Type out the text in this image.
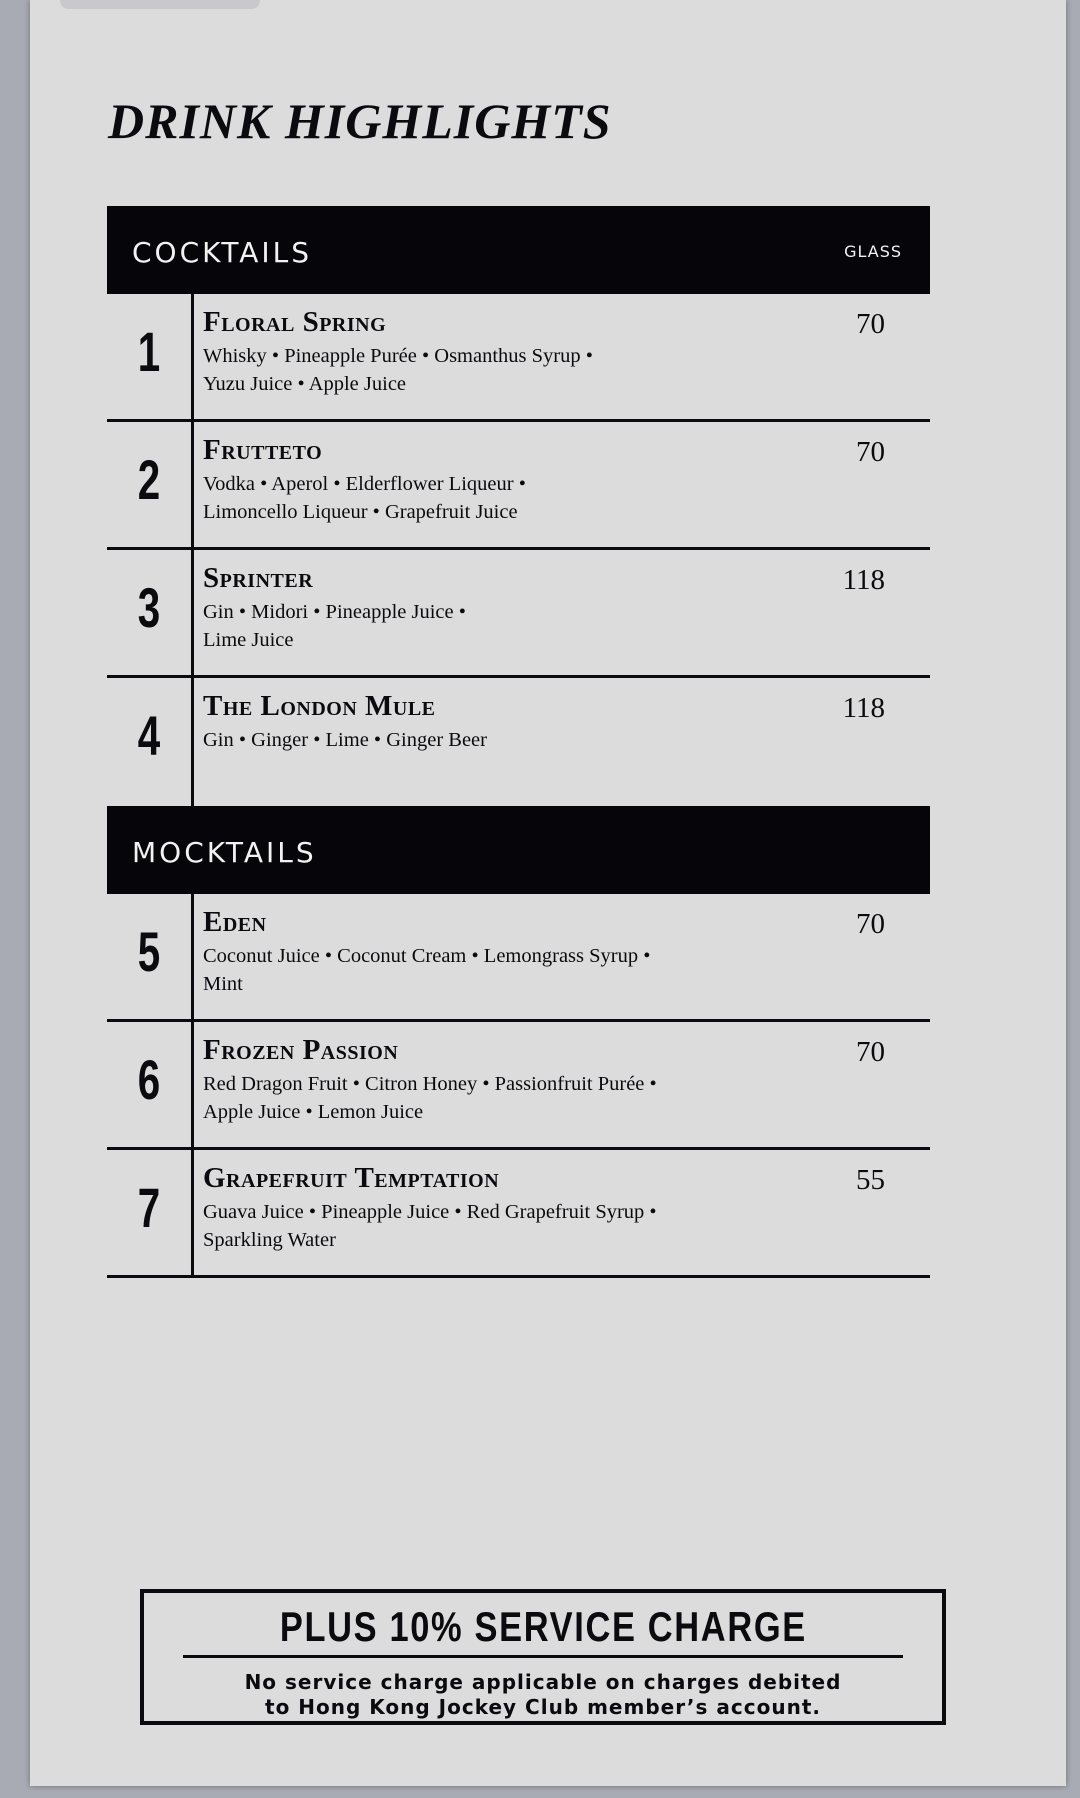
DRINK HIGHLIGHTS
COCKTAILS	GLASS
1	Floral Spring
Whisky • Pineapple Purée • Osmanthus Syrup •
Yuzu Juice • Apple Juice
70
2	Frutteto
Vodka • Aperol • Elderflower Liqueur •
Limoncello Liqueur • Grapefruit Juice
70
3	Sprinter
Gin • Midori • Pineapple Juice •
Lime Juice
118
4	The London Mule
Gin • Ginger • Lime • Ginger Beer
118
MOCKTAILS
5	Eden
Coconut Juice • Coconut Cream • Lemongrass Syrup •
Mint
70
6	Frozen Passion
Red Dragon Fruit • Citron Honey • Passionfruit Purée •
Apple Juice • Lemon Juice
70
7	Grapefruit Temptation
Guava Juice • Pineapple Juice • Red Grapefruit Syrup •
Sparkling Water
55
PLUS 10% SERVICE CHARGE
No service charge applicable on charges debited
to Hong Kong Jockey Club member’s account.
